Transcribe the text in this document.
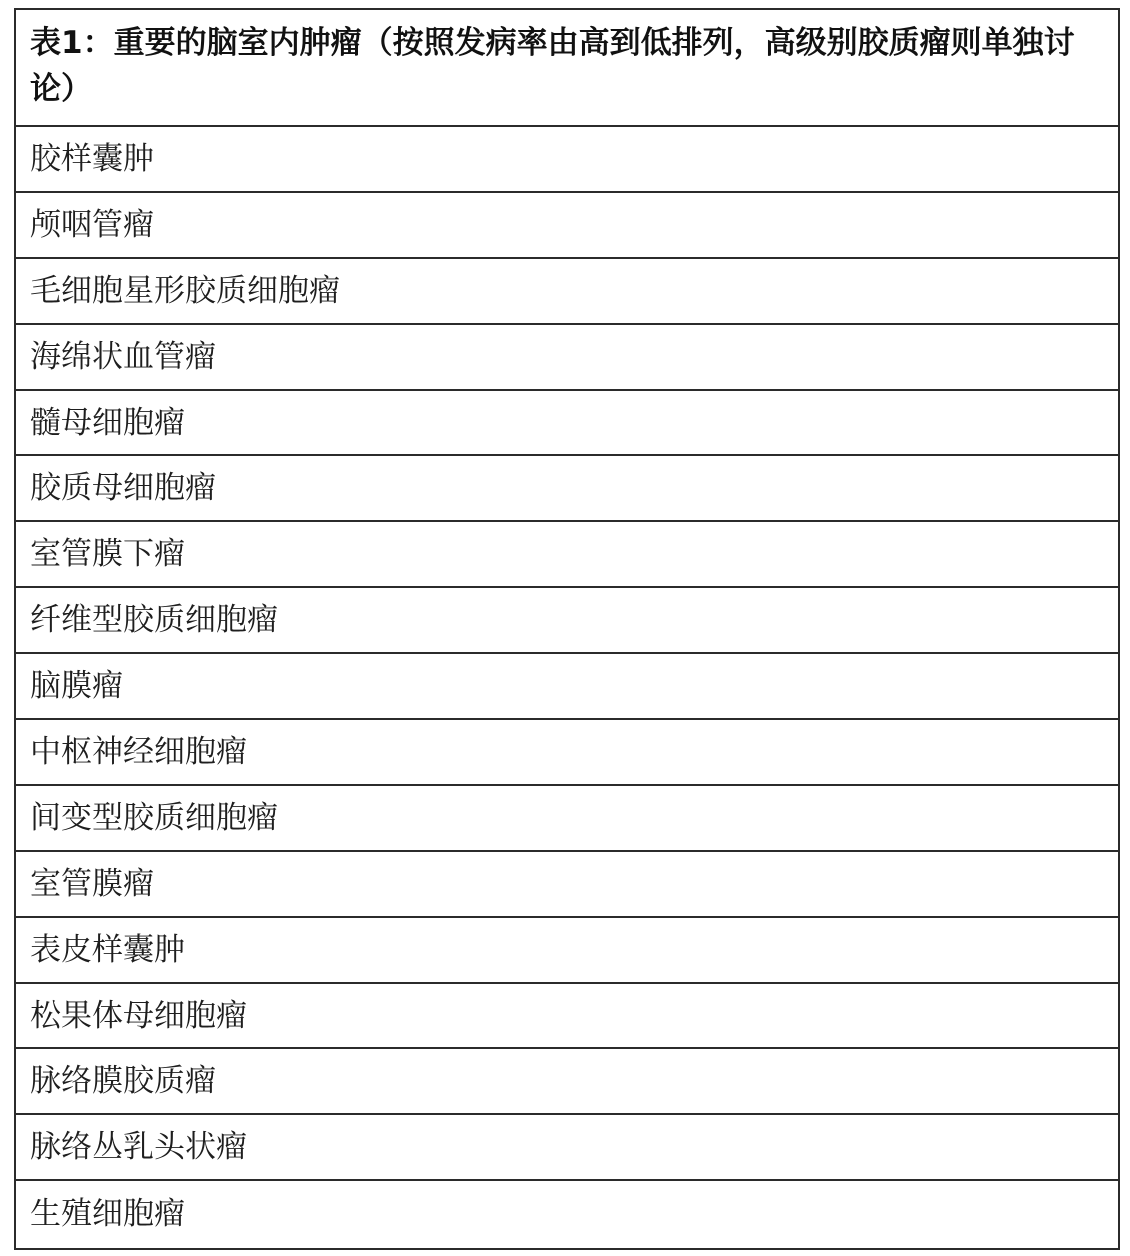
表1：重要的脑室内肿瘤（按照发病率由高到低排列，高级别胶质瘤则单独讨论）
胶样囊肿
颅咽管瘤
毛细胞星形胶质细胞瘤
海绵状血管瘤
髓母细胞瘤
胶质母细胞瘤
室管膜下瘤
纤维型胶质细胞瘤
脑膜瘤
中枢神经细胞瘤
间变型胶质细胞瘤
室管膜瘤
表皮样囊肿
松果体母细胞瘤
脉络膜胶质瘤
脉络丛乳头状瘤
生殖细胞瘤
